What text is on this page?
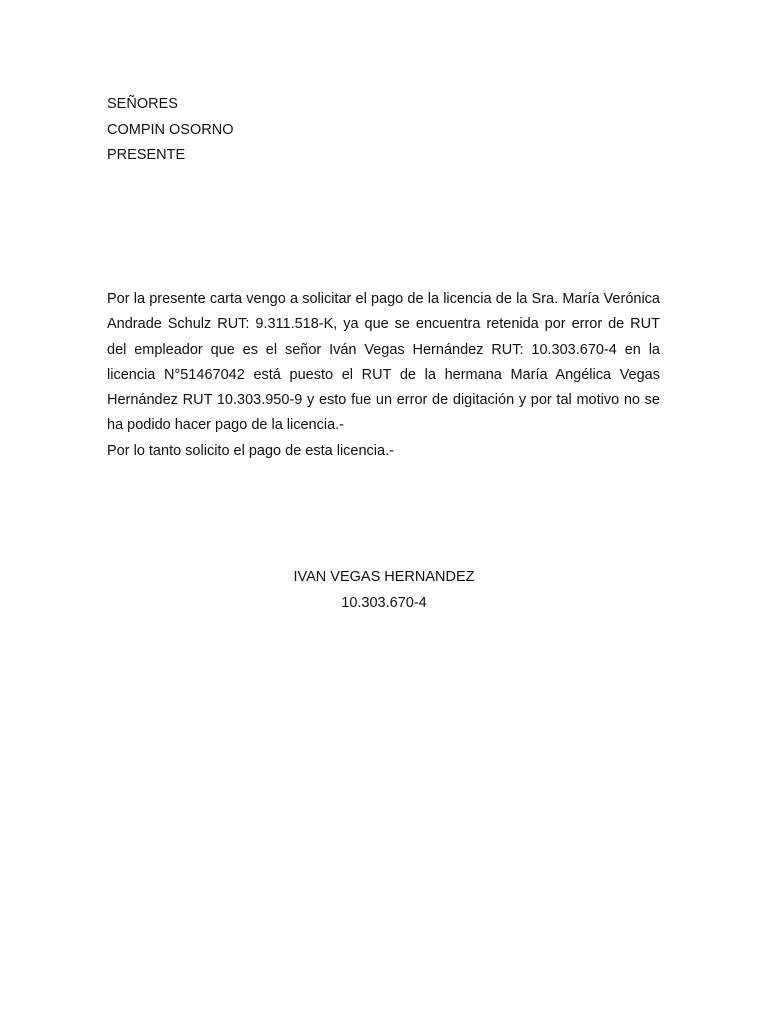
SEÑORES
COMPIN OSORNO
PRESENTE

Por la presente carta vengo a solicitar el pago de la licencia de la Sra. María Verónica Andrade Schulz RUT: 9.311.518-K, ya que se encuentra retenida por error de RUT del empleador que es el señor Iván Vegas Hernández RUT: 10.303.670-4 en la licencia N°51467042 está puesto el RUT de la hermana María Angélica Vegas Hernández RUT 10.303.950-9 y esto fue un error de digitación y por tal motivo no se ha podido hacer pago de la licencia.-

Por lo tanto solicito el pago de esta licencia.-

IVAN VEGAS HERNANDEZ
10.303.670-4
